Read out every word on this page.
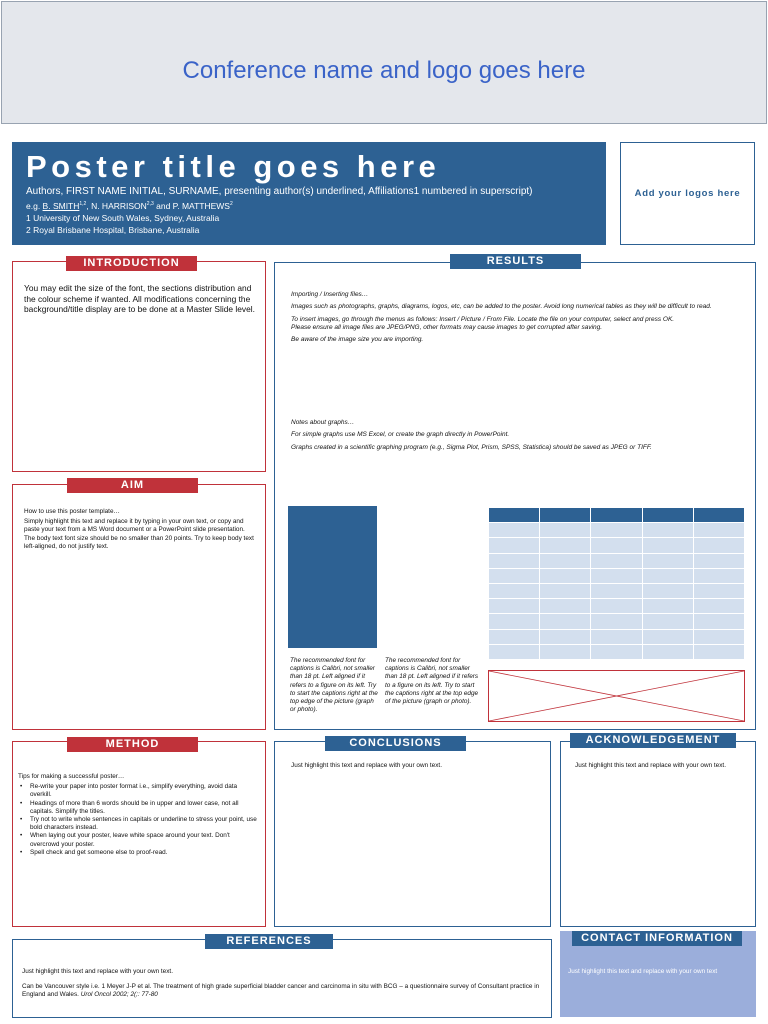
Conference name and logo goes here
Poster title goes here
Authors, FIRST NAME INITIAL, SURNAME, presenting author(s) underlined, Affiliations1 numbered in superscript)
e.g. B. SMITH$^{1,2}$, N. HARRISON$^{2,3}$ and P. MATTHEWS$^2$
1 University of New South Wales, Sydney, Australia
2 Royal Brisbane Hospital, Brisbane, Australia
Add your logos here
INTRODUCTION
You may edit the size of the font, the sections distribution and the colour scheme if wanted. All modifications concerning the background/title display are to be done at a Master Slide level.
AIM

How to use this poster template…

Simply highlight this text and replace it by typing in your own text, or copy and paste your text from a MS Word document or a PowerPoint slide presentation.

The body text font size should be no smaller than 20 points. Try to keep body text left-aligned, do not justify text.

RESULTS

Importing / Inserting files…

Images such as photographs, graphs, diagrams, logos, etc, can be added to the poster. Avoid long numerical tables as they will be difficult to read.

To insert images, go through the menus as follows: Insert / Picture / From File. Locate the file on your computer, select and press OK.

Please ensure all image files are JPEG/PNG, other formats may cause images to get corrupted after saving.

Be aware of the image size you are importing.

Notes about graphs…

For simple graphs use MS Excel, or create the graph directly in PowerPoint.

Graphs created in a scientific graphing program (e.g., Sigma Plot, Prism, SPSS, Statistica) should be saved as JPEG or TIFF.

The recommended font for captions is Calibri, not smaller than 18 pt. Left aligned if it refers to a figure on its left. Try to start the captions right at the top edge of the picture (graph or photo).
The recommended font for captions is Calibri, not smaller than 18 pt. Left aligned if it refers to a figure on its left. Try to start the captions right at the top edge of the picture (graph or photo).

METHOD

Tips for making a successful poster…

• Re-write your paper into poster format i.e., simplify everything, avoid data overkill.
• Headings of more than 6 words should be in upper and lower case, not all capitals. Simplify the titles.
• Try not to write whole sentences in capitals or underline to stress your point, use bold characters instead.
• When laying out your poster, leave white space around your text. Don't overcrowd your poster.
• Spell check and get someone else to proof-read.
CONCLUSIONS
Just highlight this text and replace with your own text.
ACKNOWLEDGEMENT
Just highlight this text and replace with your own text.
REFERENCES
Just highlight this text and replace with your own text.
Can be Vancouver style i.e. 1 Meyer J-P et al. The treatment of high grade superficial bladder cancer and carcinoma in situ with BCG – a questionnaire survey of Consultant practice in England and Wales. Urol Oncol 2002; 2(;: 77-80
CONTACT INFORMATION
Just highlight this text and replace with your own text
